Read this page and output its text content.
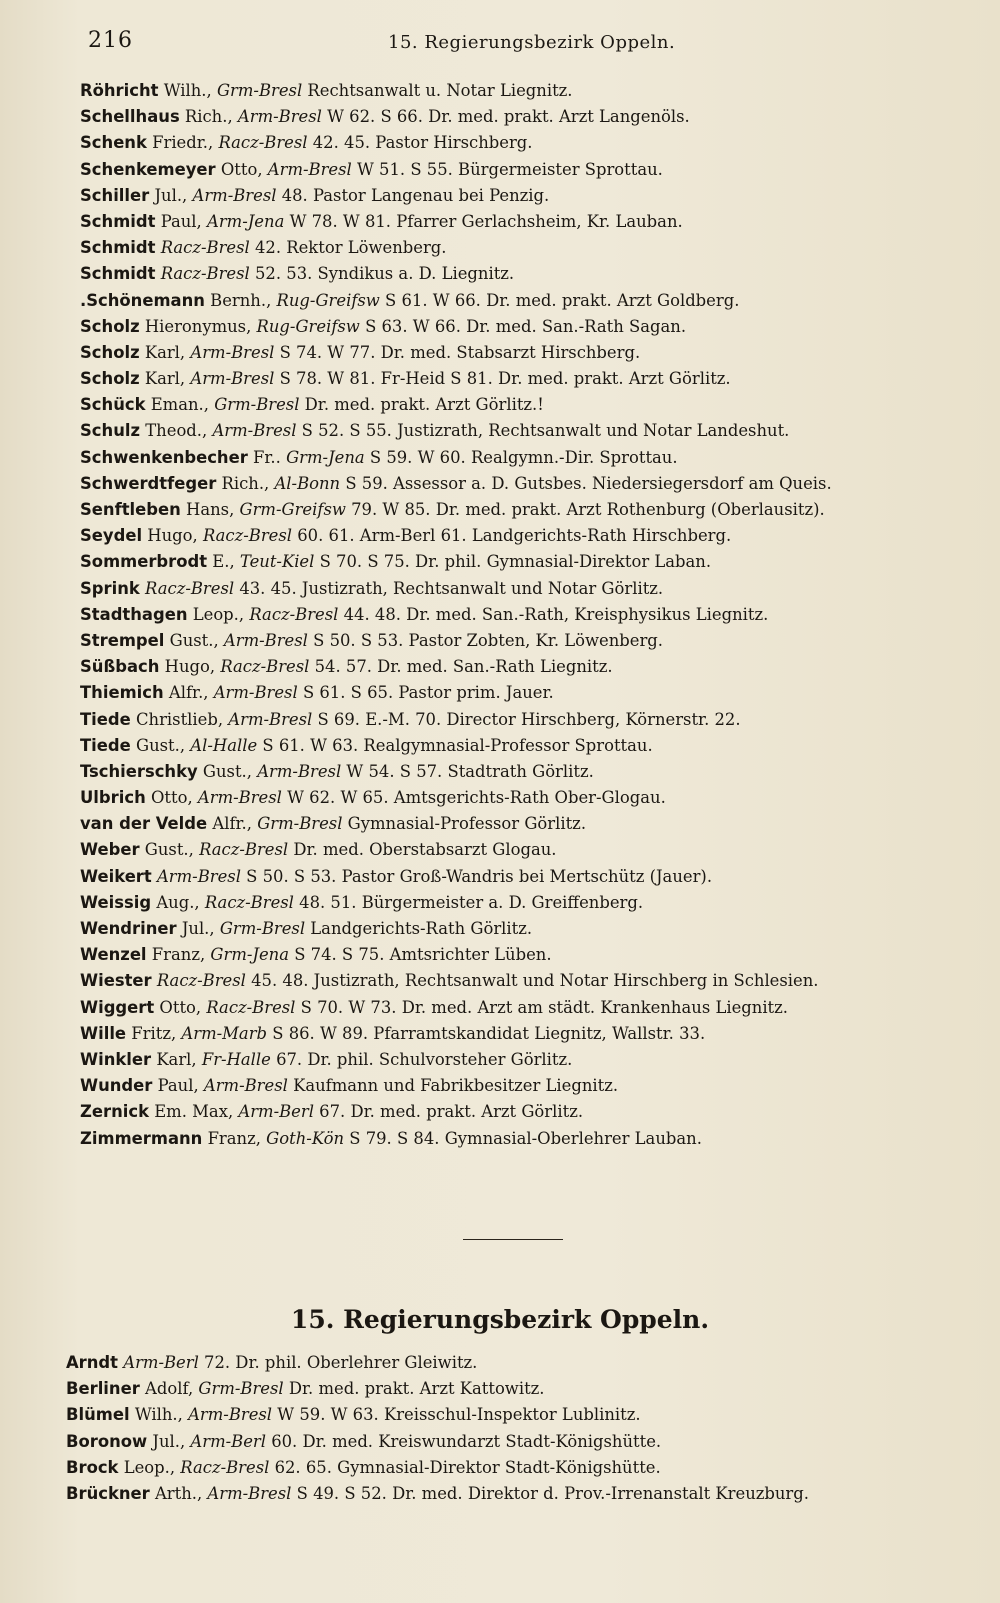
216	15. Regierungsbezirk Oppeln.
Röhricht Wilh., Grm-Bresl Rechtsanwalt u. Notar Liegnitz.
Schellhaus Rich., Arm-Bresl W 62. S 66. Dr. med. prakt. Arzt Langenöls.
Schenk Friedr., Racz-Bresl 42. 45. Pastor Hirschberg.
Schenkemeyer Otto, Arm-Bresl W 51. S 55. Bürgermeister Sprottau.
Schiller Jul., Arm-Bresl 48. Pastor Langenau bei Penzig.
Schmidt Paul, Arm-Jena W 78. W 81. Pfarrer Gerlachsheim, Kr. Lauban.
Schmidt Racz-Bresl 42. Rektor Löwenberg.
Schmidt Racz-Bresl 52. 53. Syndikus a. D. Liegnitz.
.Schönemann Bernh., Rug-Greifsw S 61. W 66. Dr. med. prakt. Arzt Goldberg.
Scholz Hieronymus, Rug-Greifsw S 63. W 66. Dr. med. San.-Rath Sagan.
Scholz Karl, Arm-Bresl S 74. W 77. Dr. med. Stabsarzt Hirschberg.
Scholz Karl, Arm-Bresl S 78. W 81. Fr-Heid S 81. Dr. med. prakt. Arzt Görlitz.
Schück Eman., Grm-Bresl Dr. med. prakt. Arzt Görlitz.!
Schulz Theod., Arm-Bresl S 52. S 55. Justizrath, Rechtsanwalt und Notar Landeshut.
Schwenkenbecher Fr.. Grm-Jena S 59. W 60. Realgymn.-Dir. Sprottau.
Schwerdtfeger Rich., Al-Bonn S 59. Assessor a. D. Gutsbes. Niedersiegersdorf am Queis.
Senftleben Hans, Grm-Greifsw 79. W 85. Dr. med. prakt. Arzt Rothenburg (Oberlausitz).
Seydel Hugo, Racz-Bresl 60. 61. Arm-Berl 61. Landgerichts-Rath Hirschberg.
Sommerbrodt E., Teut-Kiel S 70. S 75. Dr. phil. Gymnasial-Direktor Laban.
Sprink Racz-Bresl 43. 45. Justizrath, Rechtsanwalt und Notar Görlitz.
Stadthagen Leop., Racz-Bresl 44. 48. Dr. med. San.-Rath, Kreisphysikus Liegnitz.
Strempel Gust., Arm-Bresl S 50. S 53. Pastor Zobten, Kr. Löwenberg.
Süßbach Hugo, Racz-Bresl 54. 57. Dr. med. San.-Rath Liegnitz.
Thiemich Alfr., Arm-Bresl S 61. S 65. Pastor prim. Jauer.
Tiede Christlieb, Arm-Bresl S 69. E.-M. 70. Director Hirschberg, Körnerstr. 22.
Tiede Gust., Al-Halle S 61. W 63. Realgymnasial-Professor Sprottau.
Tschierschky Gust., Arm-Bresl W 54. S 57. Stadtrath Görlitz.
Ulbrich Otto, Arm-Bresl W 62. W 65. Amtsgerichts-Rath Ober-Glogau.
van der Velde Alfr., Grm-Bresl Gymnasial-Professor Görlitz.
Weber Gust., Racz-Bresl Dr. med. Oberstabsarzt Glogau.
Weikert Arm-Bresl S 50. S 53. Pastor Groß-Wandris bei Mertschütz (Jauer).
Weissig Aug., Racz-Bresl 48. 51. Bürgermeister a. D. Greiffenberg.
Wendriner Jul., Grm-Bresl Landgerichts-Rath Görlitz.
Wenzel Franz, Grm-Jena S 74. S 75. Amtsrichter Lüben.
Wiester Racz-Bresl 45. 48. Justizrath, Rechtsanwalt und Notar Hirschberg in Schlesien.
Wiggert Otto, Racz-Bresl S 70. W 73. Dr. med. Arzt am städt. Krankenhaus Liegnitz.
Wille Fritz, Arm-Marb S 86. W 89. Pfarramtskandidat Liegnitz, Wallstr. 33.
Winkler Karl, Fr-Halle 67. Dr. phil. Schulvorsteher Görlitz.
Wunder Paul, Arm-Bresl Kaufmann und Fabrikbesitzer Liegnitz.
Zernick Em. Max, Arm-Berl 67. Dr. med. prakt. Arzt Görlitz.
Zimmermann Franz, Goth-Kön S 79. S 84. Gymnasial-Oberlehrer Lauban.
15. Regierungsbezirk Oppeln.
Arndt Arm-Berl 72. Dr. phil. Oberlehrer Gleiwitz.
Berliner Adolf, Grm-Bresl Dr. med. prakt. Arzt Kattowitz.
Blümel Wilh., Arm-Bresl W 59. W 63. Kreisschul-Inspektor Lublinitz.
Boronow Jul., Arm-Berl 60. Dr. med. Kreiswundarzt Stadt-Königshütte.
Brock Leop., Racz-Bresl 62. 65. Gymnasial-Direktor Stadt-Königshütte.
Brückner Arth., Arm-Bresl S 49. S 52. Dr. med. Direktor d. Prov.-Irrenanstalt Kreuzburg.
